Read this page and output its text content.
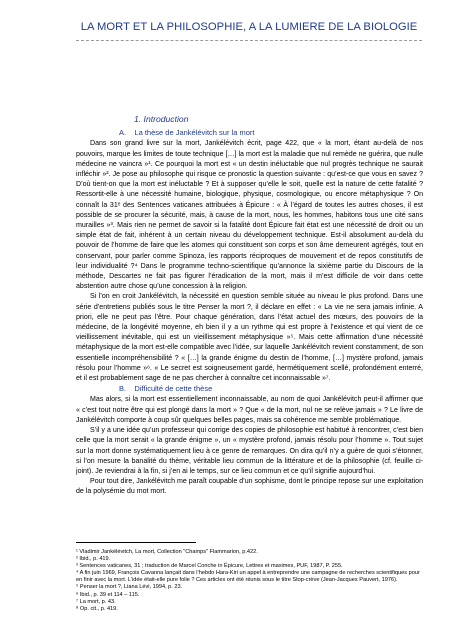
LA MORT ET LA PHILOSOPHIE, A LA LUMIERE DE LA BIOLOGIE
1. Introduction
A.    La thèse de Jankélévitch sur la mort

Dans son grand livre sur la mort, Jankélévitch écrit, page 422, que « la mort, étant au-delà de nos pouvoirs, marque les limites de toute technique […] la mort est la maladie que nul remède ne guérira, que nulle médecine ne vaincra »¹. Ce pourquoi la mort est « un destin inéluctable que nul progrès technique ne saurait infléchir »². Je pose au philosophe qui risque ce pronostic la question suivante : qu’est-ce que vous en savez ? D’où tient-on que la mort est inéluctable ? Et à supposer qu’elle le soit, quelle est la nature de cette fatalité ? Ressortit-elle à une nécessité humaine, biologique, physique, cosmologique, ou encore métaphysique ? On connaît la 31ᵉ des Sentences vaticanes attribuées à Épicure : « À l’égard de toutes les autres choses, il est possible de se procurer la sécurité, mais, à cause de la mort, nous, les hommes, habitons tous une cité sans murailles »³. Mais rien ne permet de savoir si la fatalité dont Épicure fait état est une nécessité de droit ou un simple état de fait, inhérent à un certain niveau du développement technique. Est-il absolument au-delà du pouvoir de l’homme de faire que les atomes qui constituent son corps et son âme demeurent agrégés, tout en conservant, pour parler comme Spinoza, les rapports réciproques de mouvement et de repos constitutifs de leur individualité ?⁴ Dans le programme techno-scientifique qu’annonce la sixième partie du Discours de la méthode, Descartes ne fait pas figurer l’éradication de la mort, mais il m’est difficile de voir dans cette abstention autre chose qu’une concession à la religion.

Si l’on en croit Jankélévitch, la nécessité en question semble située au niveau le plus profond. Dans une série d’entretiens publiés sous le titre Penser la mort ?, il déclare en effet : « La vie ne sera jamais infinie. A priori, elle ne peut pas l’être. Pour chaque génération, dans l’état actuel des mœurs, des pouvoirs de la médecine, de la longévité moyenne, eh bien il y a un rythme qui est propre à l’existence et qui vient de ce vieillissement inévitable, qui est un vieillissement métaphysique »⁵. Mais cette affirmation d’une nécessité métaphysique de la mort est-elle compatible avec l’idée, sur laquelle Jankélévitch revient constamment, de son essentielle incompréhensibilité ? « […] la grande énigme du destin de l’homme, […] mystère profond, jamais résolu pour l’homme »⁶. « Le secret est soigneusement gardé, hermétiquement scellé, profondément enterré, et il est probablement sage de ne pas chercher à connaître cet inconnaissable »⁷.

B.    Difficulté de cette thèse

Mas alors, si la mort est essentiellement inconnaissable, au nom de quoi Jankélévitch peut-il affirmer que « c’est tout notre être qui est plongé dans la mort » ? Que « de la mort, nul ne se relève jamais » ? Le livre de Jankélévitch comporte à coup sûr quelques belles pages, mais sa cohérence me semble problématique.

S’il y a une idée qu’un professeur qui corrige des copies de philosophie est habitué à rencontrer, c’est bien celle que la mort serait « la grande énigme », un « mystère profond, jamais résolu pour l’homme ». Tout sujet sur la mort donne systématiquement lieu à ce genre de remarques. On dira qu’il n’y a guère de quoi s’étonner, si l’on mesure la banalité du thème, véritable lieu commun de la littérature et de la philosophie (cf. feuille ci-joint). Je reviendrai à la fin, si j’en ai le temps, sur ce lieu commun et ce qu’il signifie aujourd’hui.

Pour tout dire, Jankélévitch me paraît coupable d’un sophisme, dont le principe repose sur une exploitation de la polysémie du mot mort.

¹ Vladimir Jankélévitch, La mort, Collection "Champs" Flammarion, p.422.

² Ibid., p. 419.

³ Sentences vaticanes, 31 ; traduction de Marcel Conche in Épicure, Lettres et maximes, PUF, 1987, P. 255.

⁴ A fin juin 1969, François Cavanna lançait dans l’hebdo Hara-Kiri un appel à entreprendre une campagne de recherches scientifiques pour en finir avec la mort. L’idée était-elle pure folie ? Ces articles ont été réunis sous le titre Stop-crève (Jean-Jacques Pauvert, 1976).

⁵ Penser la mort ?, Liana Lévi, 1994, p. 23.

⁶ Ibid., p. 39 et 114 – 115.

⁷ La mort, p. 43.

⁸ Op. cit., p. 419.
